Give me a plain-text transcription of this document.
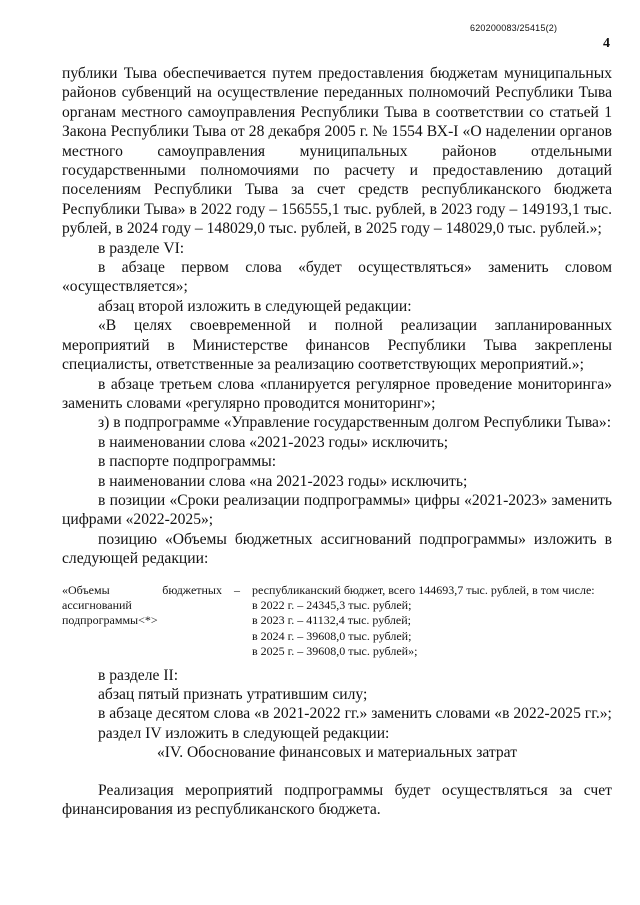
620200083/25415(2)
4

публики Тыва обеспечивается путем предоставления бюджетам муниципальных районов субвенций на осуществление переданных полномочий Республики Тыва органам местного самоуправления Республики Тыва в соответствии со статьей 1 Закона Республики Тыва от 28 декабря 2005 г. № 1554 ВХ-I «О наделении органов местного самоуправления муниципальных районов отдельными государственными полномочиями по расчету и предоставлению дотаций поселениям Республики Тыва за счет средств республиканского бюджета Республики Тыва» в 2022 году – 156555,1 тыс. рублей, в 2023 году – 149193,1 тыс. рублей, в 2024 году – 148029,0 тыс. рублей, в 2025 году – 148029,0 тыс. рублей.»;

в разделе VI:

в абзаце первом слова «будет осуществляться» заменить словом «осуществляется»;

абзац второй изложить в следующей редакции:

«В целях своевременной и полной реализации запланированных мероприятий в Министерстве финансов Республики Тыва закреплены специалисты, ответственные за реализацию соответствующих мероприятий.»;

в абзаце третьем слова «планируется регулярное проведение мониторинга» заменить словами «регулярно проводится мониторинг»;

з) в подпрограмме «Управление государственным долгом Республики Тыва»:

в наименовании слова «2021-2023 годы» исключить;

в паспорте подпрограммы:

в наименовании слова «на 2021-2023 годы» исключить;

в позиции «Сроки реализации подпрограммы» цифры «2021-2023» заменить цифрами «2022-2025»;

позицию «Объемы бюджетных ассигнований подпрограммы» изложить в следующей редакции:

«Объемы бюджетных ассигнований подпрограммы<*>
–	республиканский бюджет, всего 144693,7 тыс. рублей, в том числе:
в 2022 г. – 24345,3 тыс. рублей;
в 2023 г. – 41132,4 тыс. рублей;
в 2024 г. – 39608,0 тыс. рублей;
в 2025 г. – 39608,0 тыс. рублей»;

в разделе II:

абзац пятый признать утратившим силу;

в абзаце десятом слова «в 2021-2022 гг.» заменить словами «в 2022-2025 гг.»;

раздел IV изложить в следующей редакции:

«IV. Обоснование финансовых и материальных затрат

Реализация мероприятий подпрограммы будет осуществляться за счет финансирования из республиканского бюджета.
